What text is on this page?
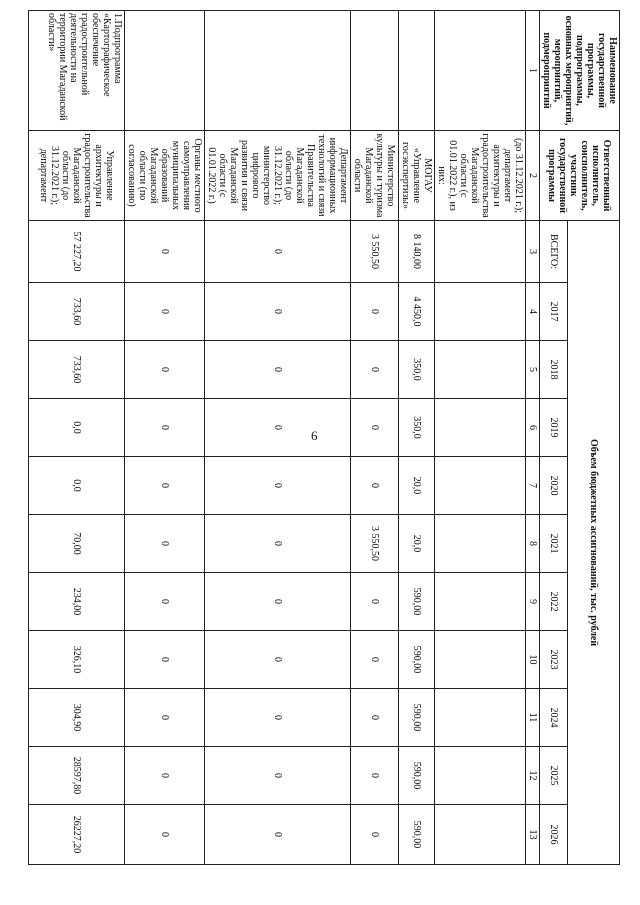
6
Наименование государственной программы, подпрограммы, основных мероприятий, мероприятий, подмероприятий	Ответственный исполнитель, соисполнитель, участник государственной программы	Объем бюджетных ассигнований, тыс. рублей										
		ВСЕГО:	2017	2018	2019	2020	2021	2022	2023	2024	2025	2026
1	2	3	4	5	6	7	8	9	10	11	12	13
	(до 31.12.2021 г.); департамент архитектуры и градостроительства Магаданской области (с 01.01.2022 г.), из них:											
	МОГАУ «Управление госэкспертизы»	8 140,00	4 450,0	350,0	350,0	20,0	20,0	590,00	590,00	590,00	590,00	590,00
	Министерство культуры и туризма Магаданской области	3 550,50	0	0	0	0	3 550,50	0	0	0	0	0
	Департамент информационных технологий и связи Правительства Магаданской области (до 31.12.2021 г.); министерство цифрового развития и связи Магаданской области (с 01.01.2022 г.)	0	0	0	0	0	0	0	0	0	0	0
	Органы местного самоуправления муниципальных образований Магаданской области (по согласованию)	0	0	0	0	0	0	0	0	0	0	0
1.Подпрограмма «Картографическое обеспечение градостроительной деятельности на территории Магаданской области»	Управление архитектуры и градостроительства Магаданской области (до 31.12.2021 г.); департамент	57 227,20	733,60	733,60	0,0	0,0	70,00	234,00	326,10	304,90	28597,80	26227,20
